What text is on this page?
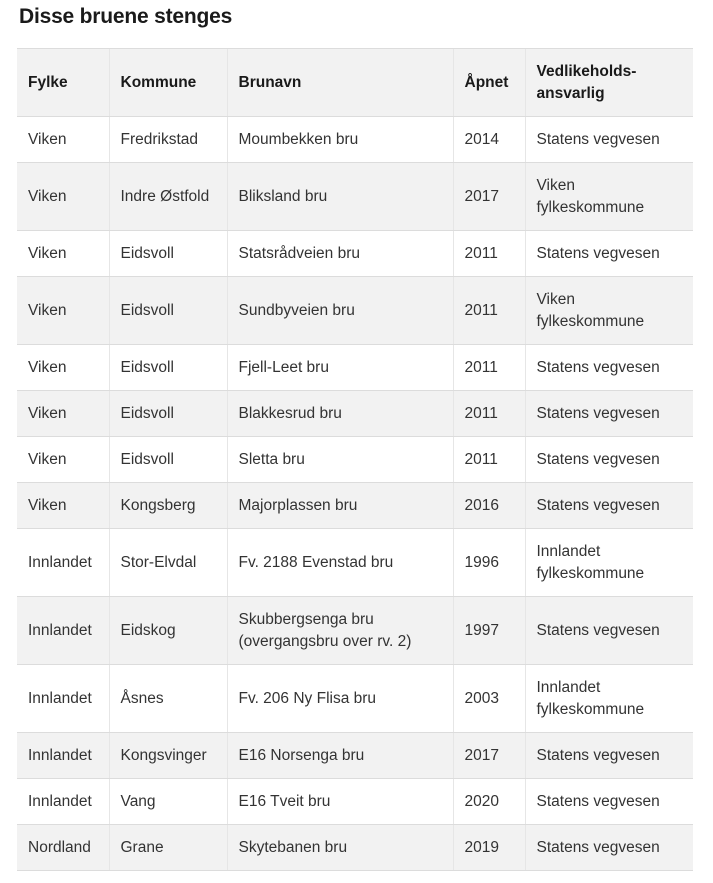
Disse bruene stenges
Fylke	Kommune	Brunavn	Åpnet	Vedlikeholds-ansvarlig
Viken	Fredrikstad	Moumbekken bru	2014	Statens vegvesen
Viken	Indre Østfold	Bliksland bru	2017	Viken fylkeskommune
Viken	Eidsvoll	Statsrådveien bru	2011	Statens vegvesen
Viken	Eidsvoll	Sundbyveien bru	2011	Viken fylkeskommune
Viken	Eidsvoll	Fjell-Leet bru	2011	Statens vegvesen
Viken	Eidsvoll	Blakkesrud bru	2011	Statens vegvesen
Viken	Eidsvoll	Sletta bru	2011	Statens vegvesen
Viken	Kongsberg	Majorplassen bru	2016	Statens vegvesen
Innlandet	Stor-Elvdal	Fv. 2188 Evenstad bru	1996	Innlandet fylkeskommune
Innlandet	Eidskog	Skubbergsenga bru (overgangsbru over rv. 2)	1997	Statens vegvesen
Innlandet	Åsnes	Fv. 206 Ny Flisa bru	2003	Innlandet fylkeskommune
Innlandet	Kongsvinger	E16 Norsenga bru	2017	Statens vegvesen
Innlandet	Vang	E16 Tveit bru	2020	Statens vegvesen
Nordland	Grane	Skytebanen bru	2019	Statens vegvesen
